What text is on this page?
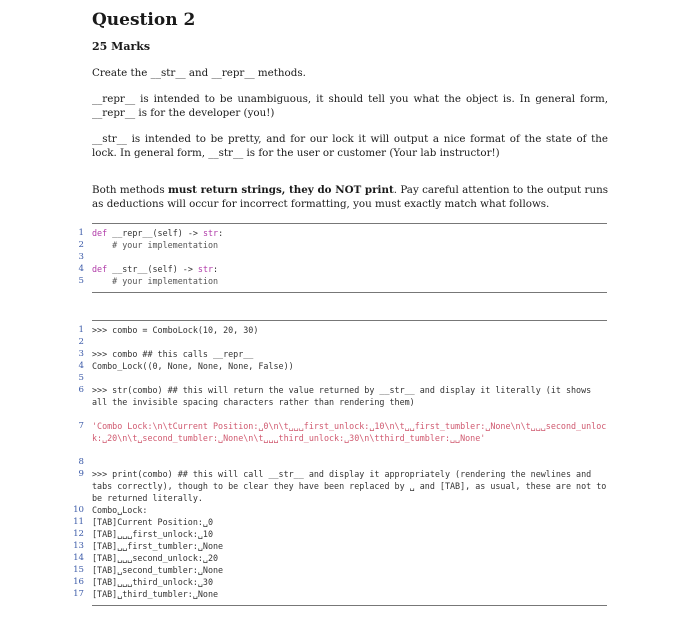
Question 2
25 Marks
Create the __str__ and __repr__ methods.
__repr__ is intended to be unambiguous, it should tell you what the object is. In general form, __repr__ is for the developer (you!)
__str__ is intended to be pretty, and for our lock it will output a nice format of the state of the lock. In general form, __str__ is for the user or customer (Your lab instructor!)
Both methods must return strings, they do NOT print. Pay careful attention to the output runs as deductions will occur for incorrect formatting, you must exactly match what follows.
1 def __repr__(self) -> str:
2 # your implementation
3
4 def __str__(self) -> str:
5 # your implementation
1 >>> combo = ComboLock(10, 20, 30)
2
3 >>> combo ## this calls __repr__
4 Combo_Lock((0, None, None, None, False))
5
6 >>> str(combo) ## this will return the value returned by __str__ and display it literally (it shows all the invisible spacing characters rather than rendering them)
7 'Combo Lock:\n\tCurrent Position:␣0\n\t␣␣␣first_unlock:␣10\n\t␣␣first_tumbler:␣None\n\t␣␣␣second_unlock:␣20\n\t␣second_tumbler:␣None\n\t␣␣␣third_unlock:␣30\n\tthird_tumbler:␣␣None'
8
9 >>> print(combo) ## this will call __str__ and display it appropriately (rendering the newlines and tabs correctly), though to be clear they have been replaced by ␣ and [TAB], as usual, these are not to be returned literally.
10 Combo␣Lock:
11 [TAB]Current Position:␣0
12 [TAB]␣␣␣first_unlock:␣10
13 [TAB]␣␣first_tumbler:␣None
14 [TAB]␣␣␣second_unlock:␣20
15 [TAB]␣second_tumbler:␣None
16 [TAB]␣␣␣third_unlock:␣30
17 [TAB]␣third_tumbler:␣None
